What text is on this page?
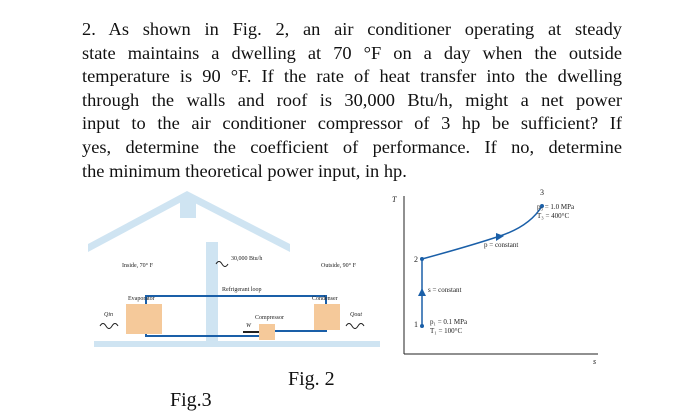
2. As shown in Fig. 2, an air conditioner operating at steady
state maintains a dwelling at 70 °F on a day when the outside
temperature is 90 °F. If the rate of heat transfer into the dwelling
through the walls and roof is 30,000 Btu/h, might a net power
input to the air conditioner compressor of 3 hp be sufficient? If
yes, determine the coefficient of performance. If no, determine
the minimum theoretical power input, in hp.

Inside, 70° F
30,000 Btu/h
Outside, 90° F
Refrigerant loop
Evaporator	Condenser
Compressor
Qin	Qout
W
T
s
1
2
3
p₃ = 1.0 MPa
T₃ = 400°C
p = constant
s = constant
p₁ = 0.1 MPa
T₁ = 100°C
Fig. 2
Fig.3
